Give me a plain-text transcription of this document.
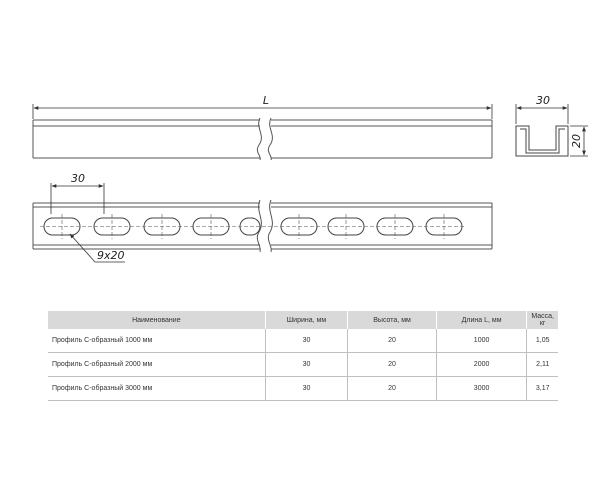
L	30
20
30
9x20
Наименование	Ширина, мм	Высота, мм	Длина L, мм	Масса, кг
Профиль С-образный 1000 мм	30	20	1000	1,05
Профиль С-образный 2000 мм	30	20	2000	2,11
Профиль С-образный 3000 мм	30	20	3000	3,17
